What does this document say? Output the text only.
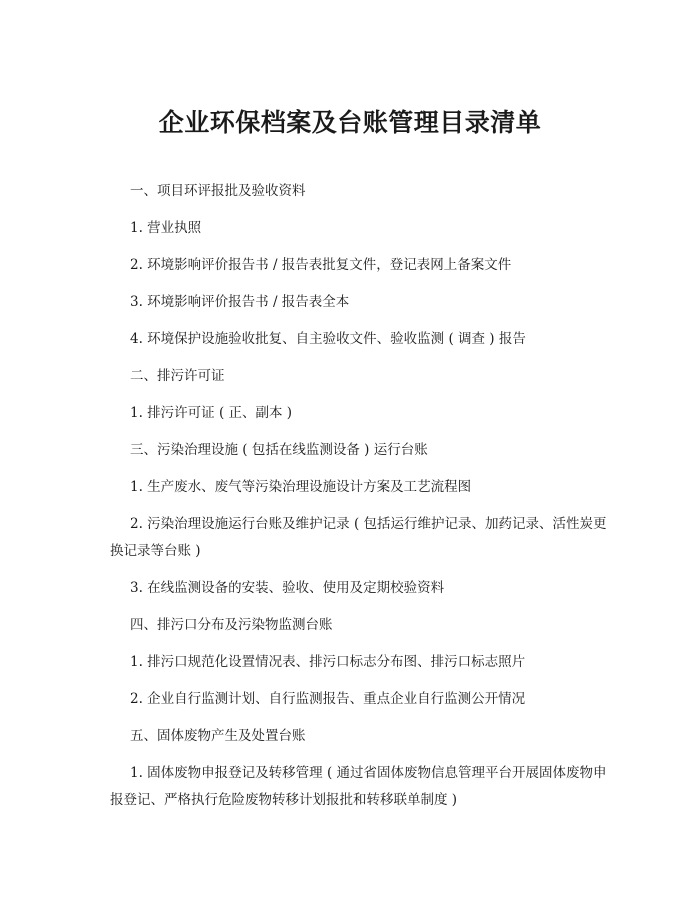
企业环保档案及台账管理目录清单
一、项目环评报批及验收资料
1. 营业执照
2. 环境影响评价报告书 / 报告表批复文件，登记表网上备案文件
3. 环境影响评价报告书 / 报告表全本
4. 环境保护设施验收批复、自主验收文件、验收监测 ( 调查 ) 报告
二、排污许可证
1. 排污许可证 ( 正、副本 )
三、污染治理设施 ( 包括在线监测设备 ) 运行台账
1. 生产废水、废气等污染治理设施设计方案及工艺流程图
2. 污染治理设施运行台账及维护记录 ( 包括运行维护记录、加药记录、活性炭更换记录等台账 )
3. 在线监测设备的安装、验收、使用及定期校验资料
四、排污口分布及污染物监测台账
1. 排污口规范化设置情况表、排污口标志分布图、排污口标志照片
2. 企业自行监测计划、自行监测报告、重点企业自行监测公开情况
五、固体废物产生及处置台账
1. 固体废物申报登记及转移管理 ( 通过省固体废物信息管理平台开展固体废物申报登记、严格执行危险废物转移计划报批和转移联单制度 )
